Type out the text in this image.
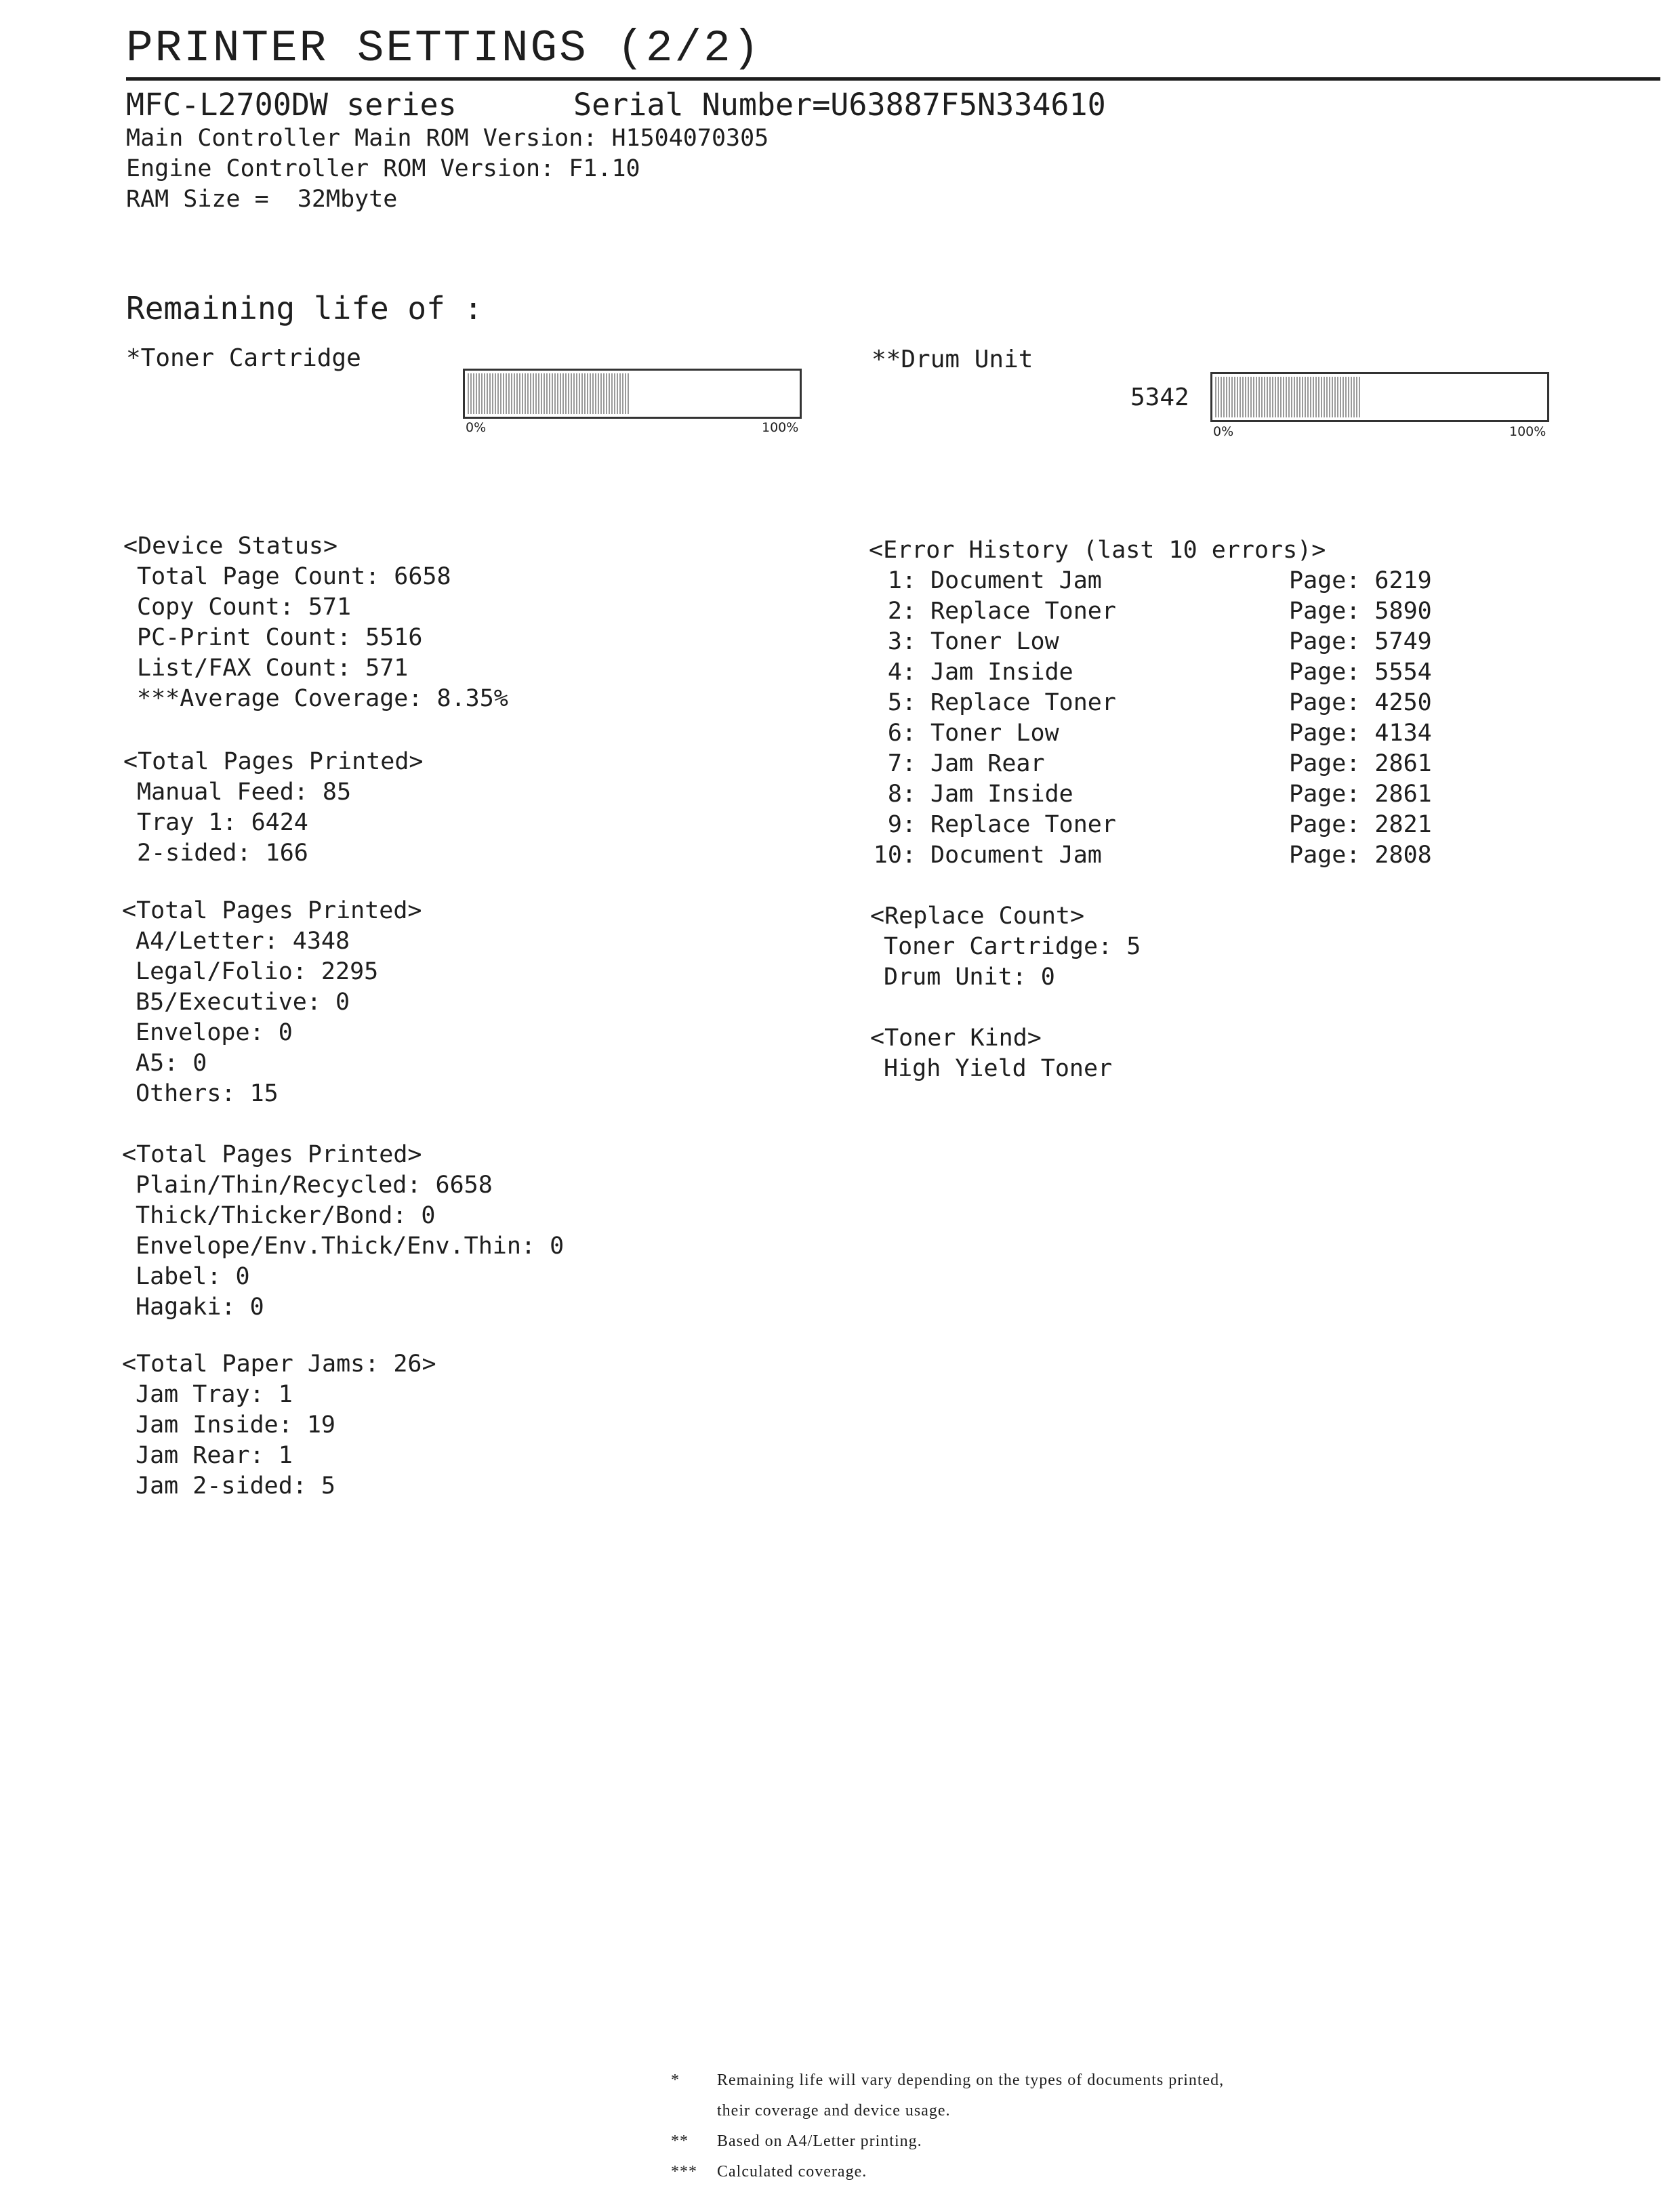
PRINTER SETTINGS (2/2)
MFC-L2700DW series	Serial Number=U63887F5N334610
Main Controller Main ROM Version: H1504070305
Engine Controller ROM Version: F1.10
RAM Size =  32Mbyte
Remaining life of :
*Toner Cartridge
0%	100%
**Drum Unit
5342
0%	100%
<Device Status>
Total Page Count: 6658
Copy Count: 571
PC-Print Count: 5516
List/FAX Count: 571
***Average Coverage: 8.35%
<Total Pages Printed>
Manual Feed: 85
Tray 1: 6424
2-sided: 166
<Total Pages Printed>
A4/Letter: 4348
Legal/Folio: 2295
B5/Executive: 0
Envelope: 0
A5: 0
Others: 15
<Total Pages Printed>
Plain/Thin/Recycled: 6658
Thick/Thicker/Bond: 0
Envelope/Env.Thick/Env.Thin: 0
Label: 0
Hagaki: 0
<Total Paper Jams: 26>
Jam Tray: 1
Jam Inside: 19
Jam Rear: 1
Jam 2-sided: 5
<Error History (last 10 errors)>
1: Document Jam	Page: 6219
2: Replace Toner	Page: 5890
3: Toner Low	Page: 5749
4: Jam Inside	Page: 5554
5: Replace Toner	Page: 4250
6: Toner Low	Page: 4134
7: Jam Rear	Page: 2861
8: Jam Inside	Page: 2861
9: Replace Toner	Page: 2821
10: Document Jam	Page: 2808
<Replace Count>
Toner Cartridge: 5
Drum Unit: 0
<Toner Kind>
High Yield Toner
*	Remaining life will vary depending on the types of documents printed,
their coverage and device usage.
**	Based on A4/Letter printing.
***	Calculated coverage.
